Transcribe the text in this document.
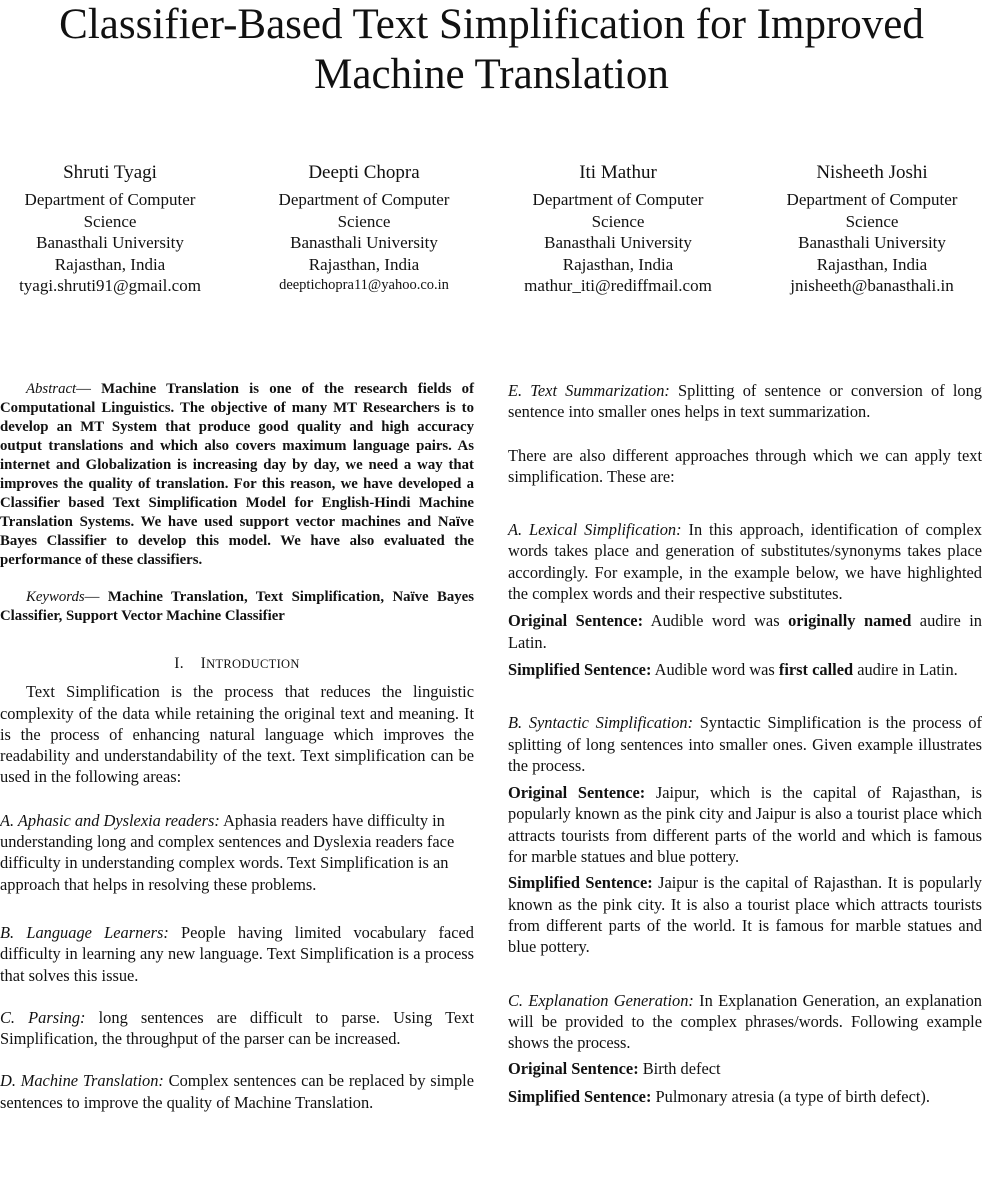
Classifier-Based Text Simplification for Improved
Machine Translation
Shruti Tyagi
Department of Computer
Science
Banasthali University
Rajasthan, India
tyagi.shruti91@gmail.com
Deepti Chopra
Department of Computer
Science
Banasthali University
Rajasthan, India
deeptichopra11@yahoo.co.in
Iti Mathur
Department of Computer
Science
Banasthali University
Rajasthan, India
mathur_iti@rediffmail.com
Nisheeth Joshi
Department of Computer
Science
Banasthali University
Rajasthan, India
jnisheeth@banasthali.in

Abstract— Machine Translation is one of the research fields of Computational Linguistics. The objective of many MT Researchers is to develop an MT System that produce good quality and high accuracy output translations and which also covers maximum language pairs. As internet and Globalization is increasing day by day, we need a way that improves the quality of translation. For this reason, we have developed a Classifier based Text Simplification Model for English-Hindi Machine Translation Systems. We have used support vector machines and Naïve Bayes Classifier to develop this model. We have also evaluated the performance of these classifiers.

Keywords— Machine Translation, Text Simplification, Naïve Bayes Classifier, Support Vector Machine Classifier

I. INTRODUCTION

Text Simplification is the process that reduces the linguistic complexity of the data while retaining the original text and meaning. It is the process of enhancing natural language which improves the readability and understandability of the text. Text simplification can be used in the following areas:

A. Aphasic and Dyslexia readers: Aphasia readers have difficulty in understanding long and complex sentences and Dyslexia readers face difficulty in understanding complex words. Text Simplification is an approach that helps in resolving these problems.

B. Language Learners: People having limited vocabulary faced difficulty in learning any new language. Text Simplification is a process that solves this issue.

C. Parsing: long sentences are difficult to parse. Using Text Simplification, the throughput of the parser can be increased.

D. Machine Translation: Complex sentences can be replaced by simple sentences to improve the quality of Machine Translation.

E. Text Summarization: Splitting of sentence or conversion of long sentence into smaller ones helps in text summarization.

There are also different approaches through which we can apply text simplification. These are:

A. Lexical Simplification: In this approach, identification of complex words takes place and generation of substitutes/synonyms takes place accordingly. For example, in the example below, we have highlighted the complex words and their respective substitutes.

Original Sentence: Audible word was originally named audire in Latin.

Simplified Sentence: Audible word was first called audire in Latin.

B. Syntactic Simplification: Syntactic Simplification is the process of splitting of long sentences into smaller ones. Given example illustrates the process.

Original Sentence: Jaipur, which is the capital of Rajasthan, is popularly known as the pink city and Jaipur is also a tourist place which attracts tourists from different parts of the world and which is famous for marble statues and blue pottery.

Simplified Sentence: Jaipur is the capital of Rajasthan. It is popularly known as the pink city. It is also a tourist place which attracts tourists from different parts of the world. It is famous for marble statues and blue pottery.

C. Explanation Generation: In Explanation Generation, an explanation will be provided to the complex phrases/words. Following example shows the process.

Original Sentence: Birth defect

Simplified Sentence: Pulmonary atresia (a type of birth defect).
